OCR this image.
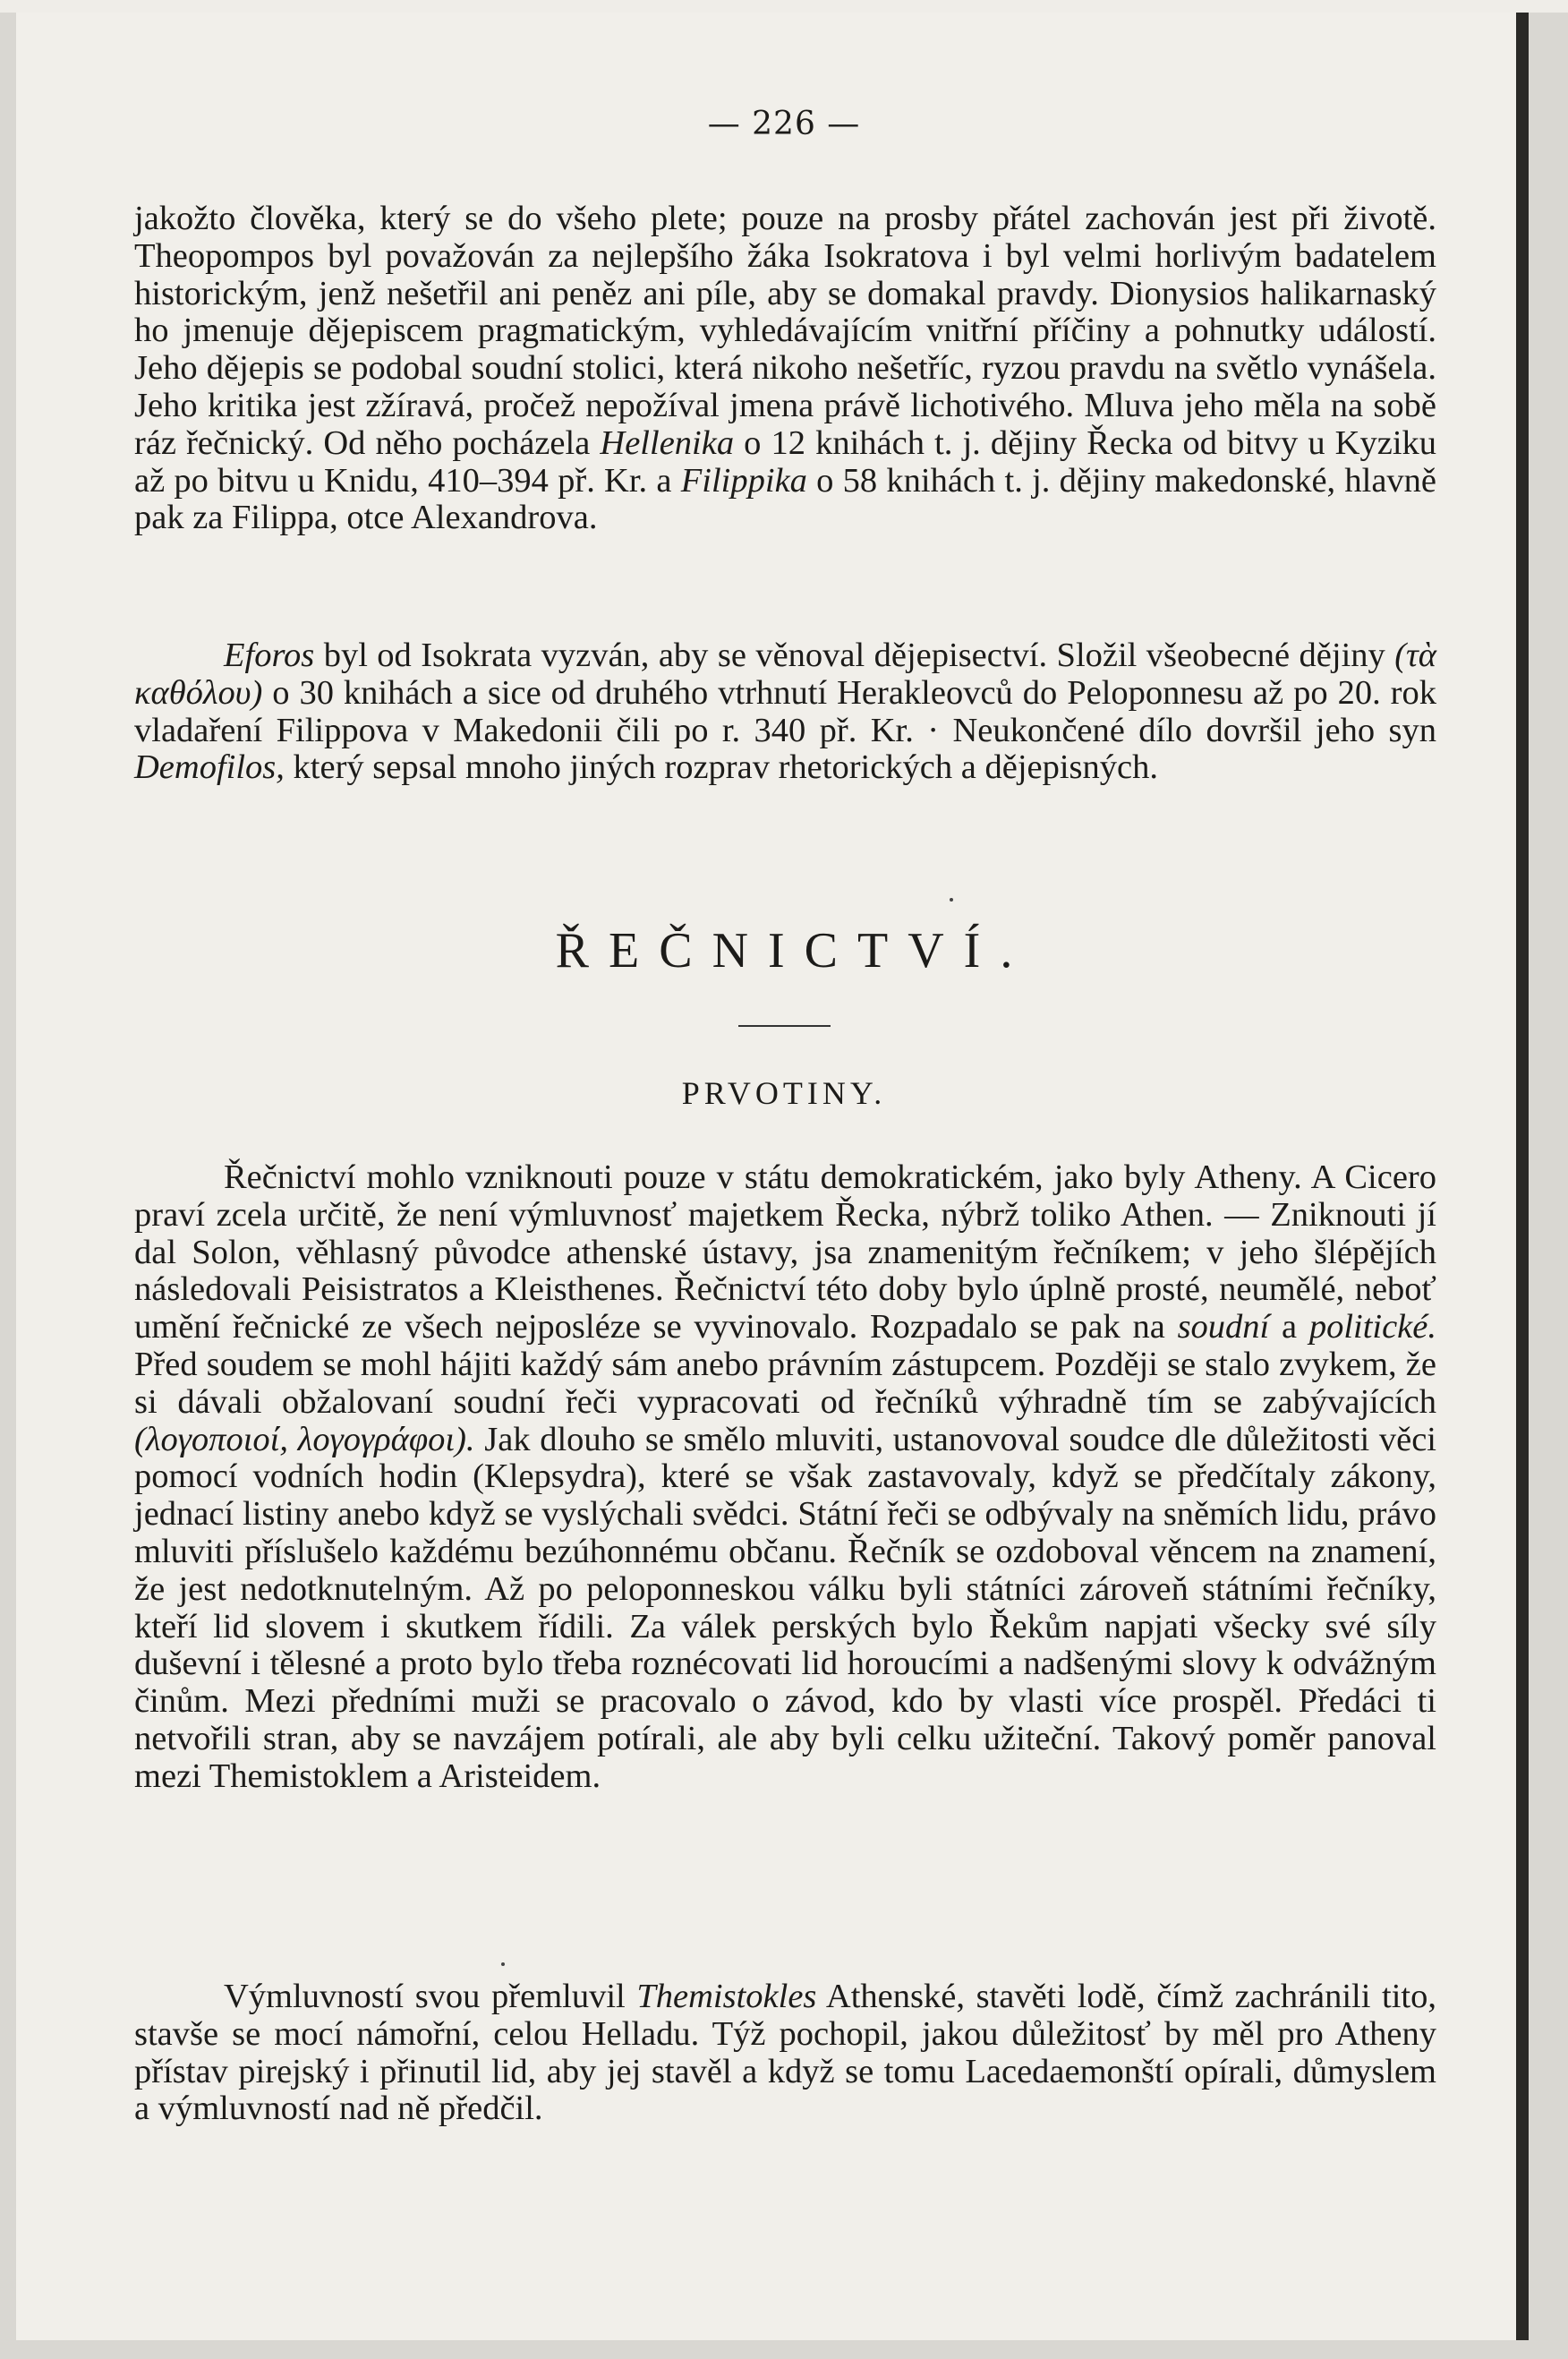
— 226 —

jakožto člověka, který se do všeho plete; pouze na prosby přátel zachován jest při životě. Theopompos byl považován za nejlepšího žáka Isokratova i byl velmi horlivým badatelem historickým, jenž nešetřil ani peněz ani píle, aby se domakal pravdy. Dionysios halikarnaský ho jmenuje dějepiscem pragmatickým, vyhledávajícím vnitřní příčiny a pohnutky událostí. Jeho dějepis se podobal soudní stolici, která nikoho nešetříc, ryzou pravdu na světlo vynášela. Jeho kritika jest zžíravá, pročež nepožíval jmena právě lichotivého. Mluva jeho měla na sobě ráz řečnický. Od něho pocházela Hellenika o 12 knihách t. j. dějiny Řecka od bitvy u Kyziku až po bitvu u Knidu, 410–394 př. Kr. a Filippika o 58 knihách t. j. dějiny makedonské, hlavně pak za Filippa, otce Alexandrova.

Eforos byl od Isokrata vyzván, aby se věnoval dějepisectví. Složil všeobecné dějiny (τὰ καθόλου) o 30 knihách a sice od druhého vtrhnutí Herakleovců do Peloponnesu až po 20. rok vladaření Filippova v Makedonii čili po r. 340 př. Kr. · Neukončené dílo dovršil jeho syn Demofilos, který sepsal mnoho jiných rozprav rhetorických a dějepisných.

ŘEČNICTVÍ.
PRVOTINY.

Řečnictví mohlo vzniknouti pouze v státu demokratickém, jako byly Atheny. A Cicero praví zcela určitě, že není výmluvnosť majetkem Řecka, nýbrž toliko Athen. — Zniknouti jí dal Solon, věhlasný původce athenské ústavy, jsa znamenitým řečníkem; v jeho šlépějích následovali Peisistratos a Kleisthenes. Řečnictví této doby bylo úplně prosté, neumělé, neboť umění řečnické ze všech nejposléze se vyvinovalo. Rozpadalo se pak na soudní a politické. Před soudem se mohl hájiti každý sám anebo právním zástupcem. Později se stalo zvykem, že si dávali obžalovaní soudní řeči vypracovati od řečníků výhradně tím se zabývajících (λογοποιοί, λογογράφοι). Jak dlouho se smělo mluviti, ustanovoval soudce dle důležitosti věci pomocí vodních hodin (Klepsydra), které se však zastavovaly, když se předčítaly zákony, jednací listiny anebo když se vyslýchali svědci. Státní řeči se odbývaly na sněmích lidu, právo mluviti příslušelo každému bezúhonnému občanu. Řečník se ozdoboval věncem na znamení, že jest nedotknutelným. Až po peloponneskou válku byli státníci zároveň státními řečníky, kteří lid slovem i skutkem řídili. Za válek perských bylo Řekům napjati všecky své síly duševní i tělesné a proto bylo třeba roznécovati lid horoucími a nadšenými slovy k odvážným činům. Mezi předními muži se pracovalo o závod, kdo by vlasti více prospěl. Předáci ti netvořili stran, aby se navzájem potírali, ale aby byli celku užiteční. Takový poměr panoval mezi Themistoklem a Aristeidem.

Výmluvností svou přemluvil Themistokles Athenské, stavěti lodě, čímž zachránili tito, stavše se mocí námořní, celou Helladu. Týž pochopil, jakou důležitosť by měl pro Atheny přístav pirejský i přinutil lid, aby jej stavěl a když se tomu Lacedaemonští opírali, důmyslem a výmluvností nad ně předčil.
